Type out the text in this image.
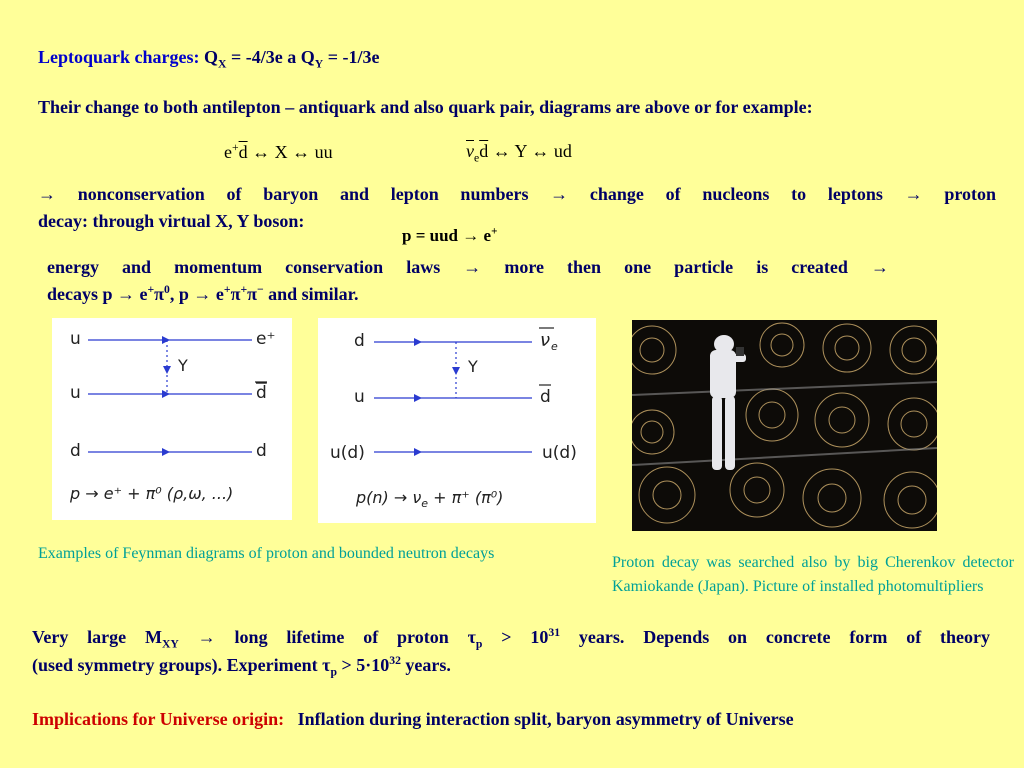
Leptoquark charges: $Q_X = -4/3e$ a $Q_Y = -1/3e$
Their change to both antilepton – antiquark and also quark pair, diagrams are above or for example:
$e^+\overline{d}$ ↔ X ↔ uu	$\overline{\nu}_e\overline{d}$ ↔ Y ↔ ud
→ nonconservation of baryon and lepton numbers → change of nucleons to leptons → proton
decay: through virtual X, Y boson:
p = uud → e+
energy and momentum conservation laws → more then one particle is created →
decays $p \to e^+\pi^0$, p → e+π+π− and similar.
u	e⁺
Y
u	d
d	d
p → e⁺ + π⁰ (ρ,ω, ...)
d	ν e
Y
u	d
u(d)	u(d)
$p(n) \to \nu_e + \pi^+$ (π⁰)
Examples of Feynman diagrams of proton and bounded neutron decays
Proton decay was searched also by big Cherenkov detector Kamiokande (Japan). Picture of installed photomultipliers
Very large $M_{XY}$ → long lifetime of proton $\tau_p > 10^{31}$ years. Depends on concrete form of theory
(used symmetry groups). Experiment $\tau_p > 5\cdot 10^{32}$ years.
Implications for Universe origin: Inflation during interaction split, baryon asymmetry of Universe
